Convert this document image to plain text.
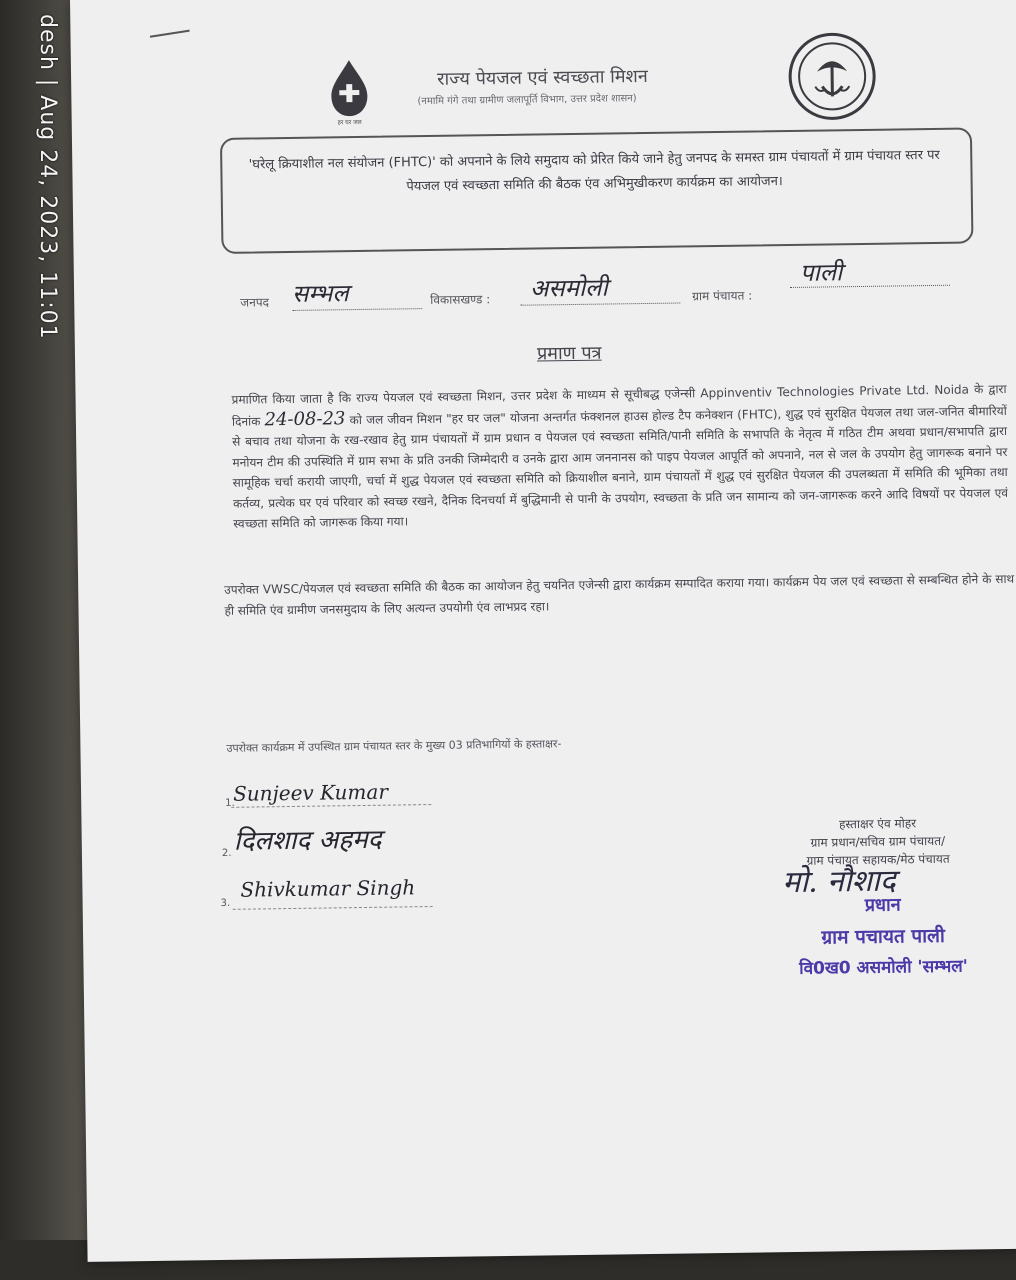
desh | Aug 24, 2023, 11:01	हर घर जल
राज्य पेयजल एवं स्वच्छता मिशन
(नमामि गंगे तथा ग्रामीण जलापूर्ति विभाग, उत्तर प्रदेश शासन)
'घरेलू क्रियाशील नल संयोजन (FHTC)' को अपनाने के लिये समुदाय को प्रेरित किये जाने हेतु जनपद के समस्त ग्राम पंचायतों में ग्राम पंचायत स्तर पर पेयजल एवं स्वच्छता समिति की बैठक एंव अभिमुखीकरण कार्यक्रम का आयोजन।
जनपद सम्भल	विकासखण्ड : असमोली	ग्राम पंचायत :
पाली
प्रमाण पत्र
प्रमाणित किया जाता है कि राज्य पेयजल एवं स्वच्छता मिशन, उत्तर प्रदेश के माध्यम से सूचीबद्ध एजेन्सी Appinventiv Technologies Private Ltd. Noida के द्वारा दिनांक 24-08-23 को जल जीवन मिशन "हर घर जल" योजना अन्तर्गत फंक्शनल हाउस होल्ड टैप कनेक्शन (FHTC), शुद्ध एवं सुरक्षित पेयजल तथा जल-जनित बीमारियों से बचाव तथा योजना के रख-रखाव हेतु ग्राम पंचायतों में ग्राम प्रधान व पेयजल एवं स्वच्छता समिति/पानी समिति के सभापति के नेतृत्व में गठित टीम अथवा प्रधान/सभापति द्वारा मनोयन टीम की उपस्थिति में ग्राम सभा के प्रति उनकी जिम्मेदारी व उनके द्वारा आम जननानस को पाइप पेयजल आपूर्ति को अपनाने, नल से जल के उपयोग हेतु जागरूक बनाने पर सामूहिक चर्चा करायी जाएगी, चर्चा में शुद्ध पेयजल एवं स्वच्छता समिति को क्रियाशील बनाने, ग्राम पंचायतों में शुद्ध एवं सुरक्षित पेयजल की उपलब्धता में समिति की भूमिका तथा कर्तव्य, प्रत्येक घर एवं परिवार को स्वच्छ रखने, दैनिक दिनचर्या में बुद्धिमानी से पानी के उपयोग, स्वच्छता के प्रति जन सामान्य को जन-जागरूक करने आदि विषयों पर पेयजल एवं स्वच्छता समिति को जागरूक किया गया।
उपरोक्त VWSC/पेयजल एवं स्वच्छता समिति की बैठक का आयोजन हेतु चयनित एजेन्सी द्वारा कार्यक्रम सम्पादित कराया गया। कार्यक्रम पेय जल एवं स्वच्छता से सम्बन्धित होने के साथ ही समिति एंव ग्रामीण जनसमुदाय के लिए अत्यन्त उपयोगी एंव लाभप्रद रहा।
उपरोक्त कार्यक्रम में उपस्थित ग्राम पंचायत स्तर के मुख्य 03 प्रतिभागियों के हस्ताक्षर-
1.
Sunjeev Kumar
2. दिलशाद अहमद
3.
Shivkumar Singh
हस्ताक्षर एंव मोहर
ग्राम प्रधान/सचिव ग्राम पंचायत/
ग्राम पंचायत सहायक/मेठ पंचायत
मो. नौशाद
प्रधान
ग्राम पचायत पाली
वि0ख0 असमोली 'सम्भल'
